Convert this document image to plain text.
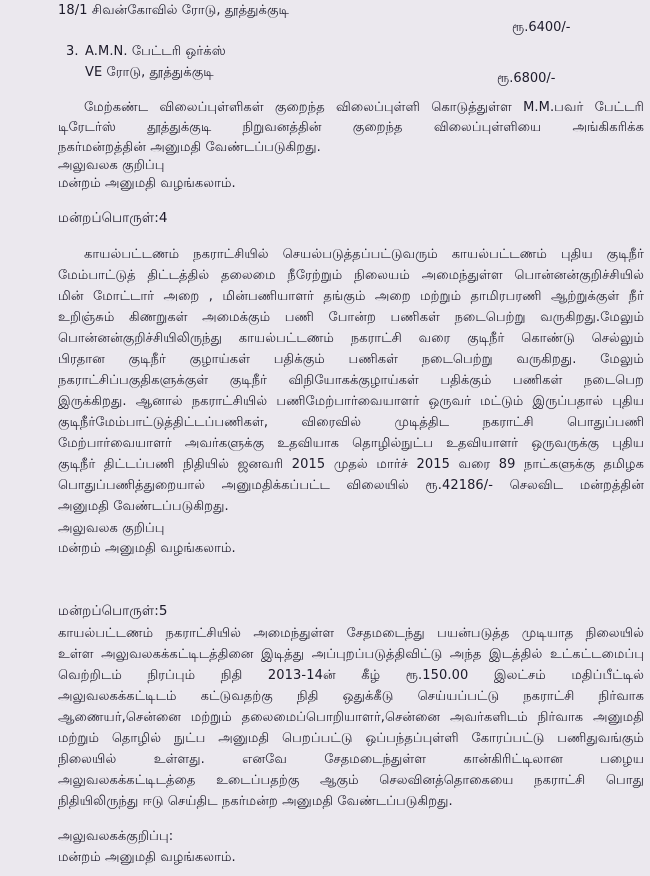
18/1 சிவன்கோவில் ரோடு, தூத்துக்குடி
ரூ.6400/-
3. A.M.N. பேட்டரி ஒர்க்ஸ்
VE ரோடு, தூத்துக்குடி	ரூ.6800/-
மேற்கண்ட விலைப்புள்ளிகள் குறைந்த விலைப்புள்ளி கொடுத்துள்ள M.M.பவர் பேட்டரி
டிரேடர்ஸ் தூத்துக்குடி நிறுவனத்தின் குறைந்த விலைப்புள்ளியை அங்கிகரிக்க
நகர்மன்றத்தின் அனுமதி வேண்டப்படுகிறது.
அலுவலக குறிப்பு
மன்றம் அனுமதி வழங்கலாம்.
மன்றப்பொருள்:4
காயல்பட்டணம் நகராட்சியில் செயல்படுத்தப்பட்டுவரும் காயல்பட்டணம் புதிய குடிநீர்
மேம்பாட்டுத் திட்டத்தில் தலைமை நீரேற்றும் நிலையம் அமைந்துள்ள பொன்னன்குறிச்சியில்
மின் மோட்டார் அறை , மின்பணியாளர் தங்கும் அறை மற்றும் தாமிரபரணி ஆற்றுக்குள் நீர்
உறிஞ்சும் கிணறுகள் அமைக்கும் பணி போன்ற பணிகள் நடைபெற்று வருகிறது.மேலும்
பொன்னன்குறிச்சியிலிருந்து காயல்பட்டணம் நகராட்சி வரை குடிநீர் கொண்டு செல்லும்
பிரதான குடிநீர் குழாய்கள் பதிக்கும் பணிகள் நடைபெற்று வருகிறது. மேலும்
நகராட்சிப்பகுதிகளுக்குள் குடிநீர் விநியோகக்குழாய்கள் பதிக்கும் பணிகள் நடைபெற
இருக்கிறது. ஆனால் நகராட்சியில் பணிமேற்பார்வையாளர் ஒருவர் மட்டும் இருப்பதால் புதிய
குடிநீர்மேம்பாட்டுத்திட்டப்பணிகள், விரைவில் முடித்திட நகராட்சி பொதுப்பணி
மேற்பார்வையாளர் அவர்களுக்கு உதவியாக தொழில்நுட்ப உதவியாளர் ஒருவருக்கு புதிய
குடிநீர் திட்டப்பணி நிதியில் ஜனவரி 2015 முதல் மார்ச் 2015 வரை 89 நாட்களுக்கு தமிழக
பொதுப்பணித்துறையால் அனுமதிக்கப்பட்ட விலையில் ரூ.42186/- செலவிட மன்றத்தின்
அனுமதி வேண்டப்படுகிறது.
அலுவலக குறிப்பு
மன்றம் அனுமதி வழங்கலாம்.
மன்றப்பொருள்:5
காயல்பட்டணம் நகராட்சியில் அமைந்துள்ள சேதமடைந்து பயன்படுத்த முடியாத நிலையில்
உள்ள அலுவலகக்கட்டிடத்தினை இடித்து அப்புறப்படுத்திவிட்டு அந்த இடத்தில் உட்கட்டமைப்பு
வெற்றிடம் நிரப்பும் நிதி 2013-14ன் கீழ் ரூ.150.00 இலட்சம் மதிப்பீட்டில்
அலுவலகக்கட்டிடம் கட்டுவதற்கு நிதி ஒதுக்கீடு செய்யப்பட்டு நகராட்சி நிர்வாக
ஆணையர்,சென்னை மற்றும் தலைமைப்பொறியாளர்,சென்னை அவர்களிடம் நிர்வாக அனுமதி
மற்றும் தொழில் நுட்ப அனுமதி பெறப்பட்டு ஒப்பந்தப்புள்ளி கோரப்பட்டு பணிதுவங்கும்
நிலையில் உள்ளது. எனவே சேதமடைந்துள்ள கான்கிரிட்டிலான பழைய
அலுவலகக்கட்டிடத்தை உடைப்பதற்கு ஆகும் செலவினத்தொகையை நகராட்சி பொது
நிதியிலிருந்து ஈடு செய்திட நகர்மன்ற அனுமதி வேண்டப்படுகிறது.
அலுவலகக்குறிப்பு:
மன்றம் அனுமதி வழங்கலாம்.
